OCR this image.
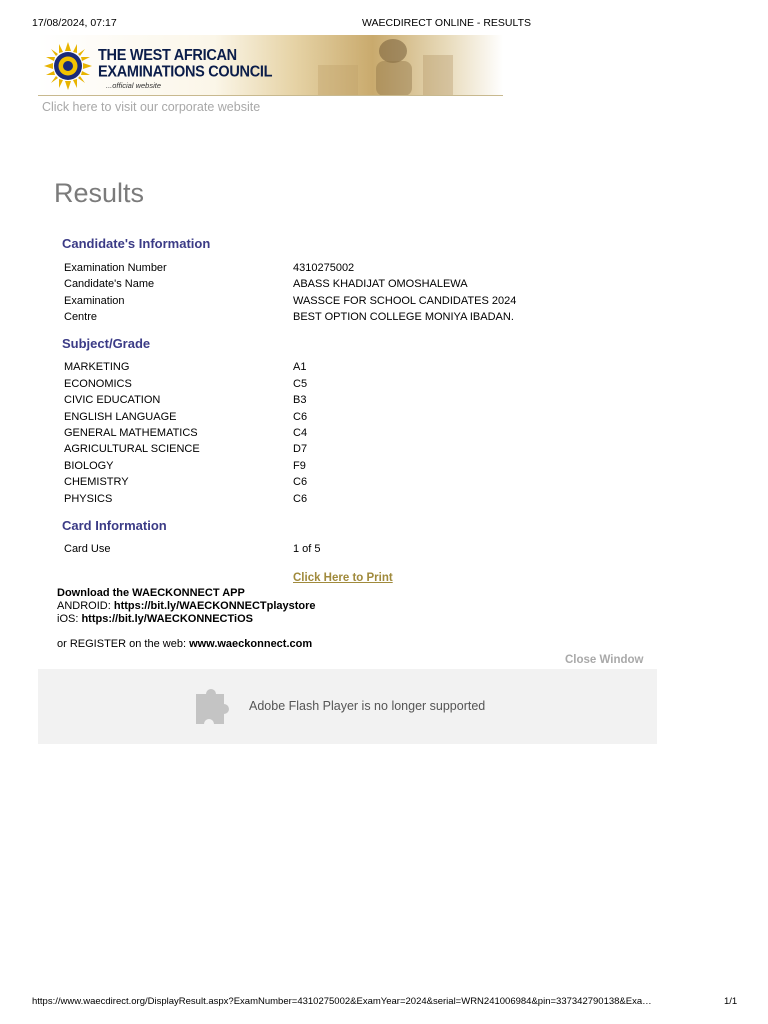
17/08/2024, 07:17	WAECDIRECT ONLINE - RESULTS
THE WEST AFRICAN
EXAMINATIONS COUNCIL
...official website
Click here to visit our corporate website
Results
Candidate's Information
Examination Number	4310275002
Candidate's Name	ABASS KHADIJAT OMOSHALEWA
Examination	WASSCE FOR SCHOOL CANDIDATES 2024
Centre	BEST OPTION COLLEGE MONIYA IBADAN.
Subject/Grade
MARKETING	A1
ECONOMICS	C5
CIVIC EDUCATION	B3
ENGLISH LANGUAGE	C6
GENERAL MATHEMATICS	C4
AGRICULTURAL SCIENCE	D7
BIOLOGY	F9
CHEMISTRY	C6
PHYSICS	C6
Card Information
Card Use	1 of 5
Click Here to Print
Download the WAECKONNECT APP
ANDROID: https://bit.ly/WAECKONNECTplaystore
iOS: https://bit.ly/WAECKONNECTiOS
or REGISTER on the web: www.waeckonnect.com
Close Window
Adobe Flash Player is no longer supported
https://www.waecdirect.org/DisplayResult.aspx?ExamNumber=4310275002&ExamYear=2024&serial=WRN241006984&pin=337342790138&Exa…	1/1
